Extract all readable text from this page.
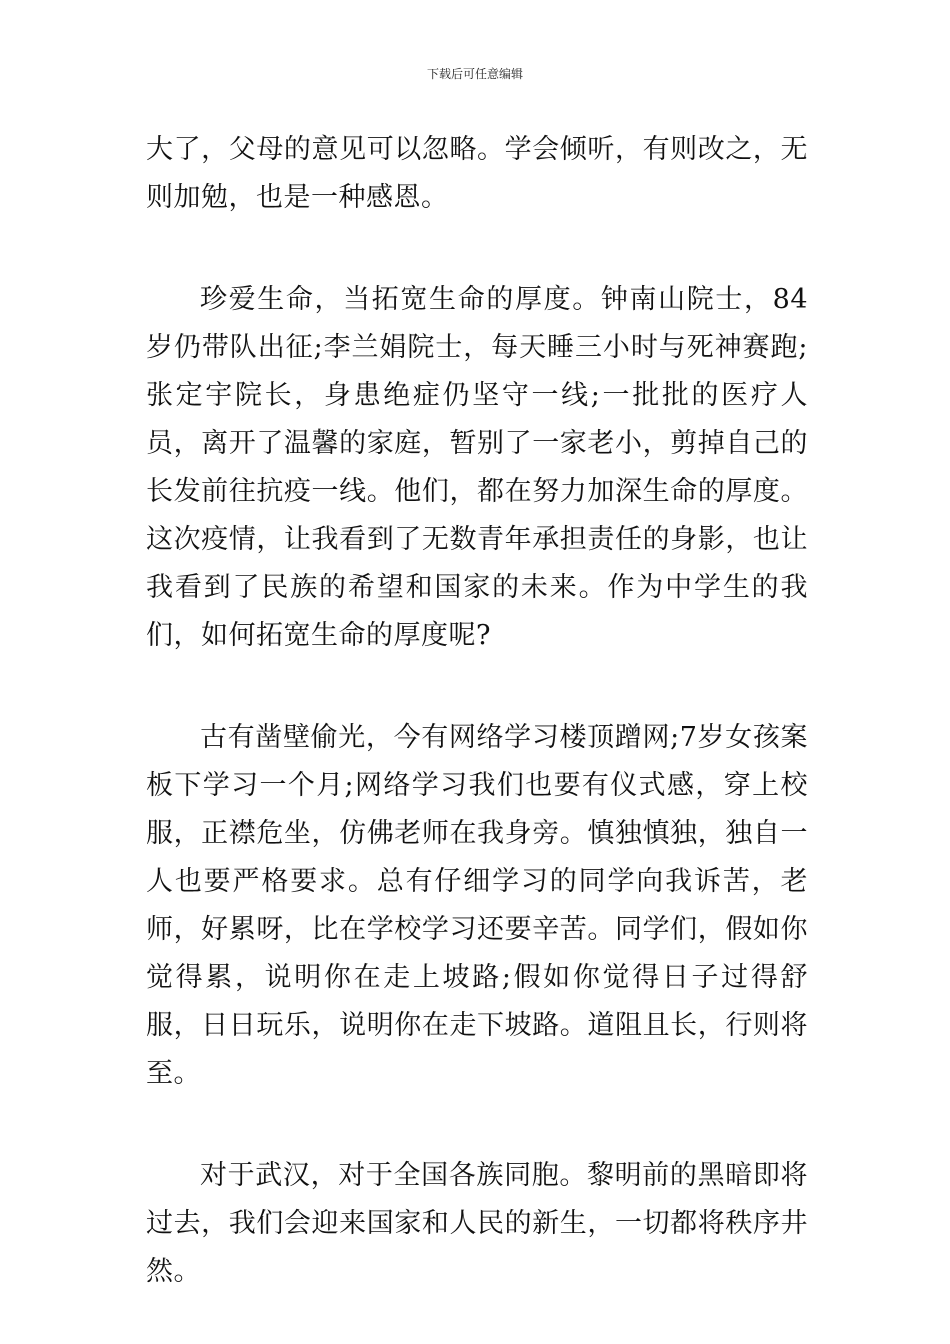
下载后可任意编辑

大了，父母的意见可以忽略。学会倾听，有则改之，无则加勉，也是一种感恩。

珍爱生命，当拓宽生命的厚度。钟南山院士，84岁仍带队出征;李兰娟院士，每天睡三小时与死神赛跑;张定宇院长，身患绝症仍坚守一线;一批批的医疗人员，离开了温馨的家庭，暂别了一家老小，剪掉自己的长发前往抗疫一线。他们，都在努力加深生命的厚度。这次疫情，让我看到了无数青年承担责任的身影，也让我看到了民族的希望和国家的未来。作为中学生的我们，如何拓宽生命的厚度呢?

古有凿壁偷光，今有网络学习楼顶蹭网;7岁女孩案板下学习一个月;网络学习我们也要有仪式感，穿上校服，正襟危坐，仿佛老师在我身旁。慎独慎独，独自一人也要严格要求。总有仔细学习的同学向我诉苦，老师，好累呀，比在学校学习还要辛苦。同学们，假如你觉得累，说明你在走上坡路;假如你觉得日子过得舒服，日日玩乐，说明你在走下坡路。道阻且长，行则将至。

对于武汉，对于全国各族同胞。黎明前的黑暗即将过去，我们会迎来国家和人民的新生，一切都将秩序井然。
